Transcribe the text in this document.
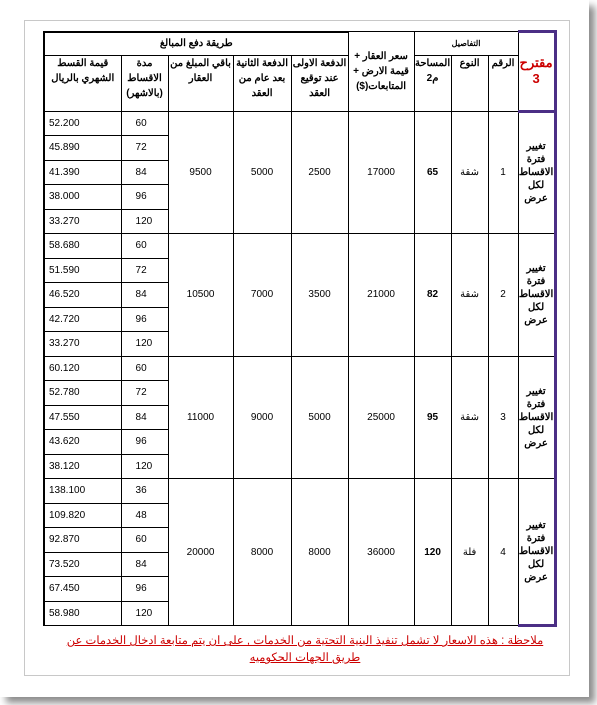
مقترح 3	التفاصيل			سعر العقار + قيمة الارض + المتابعات($)	طريقة دفع المبالغ				
	الرقم	النوع	المساحة م2		الدفعة الاولى عند توقيع العقد	الدفعة الثانية بعد عام من العقد	باقي المبلغ من العقار	مدة الاقساط (بالاشهر)	قيمة القسط الشهري بالريال

تغيير فترة الاقساط لكل عرض	1	شقة	65	17000	2500	5000	9500	60	52.200
								72	45.890
								84	41.390
								96	38.000
								120	33.270

تغيير فترة الاقساط لكل عرض	2	شقة	82	21000	3500	7000	10500	60	58.680
								72	51.590
								84	46.520
								96	42.720
								120	33.270

تغيير فترة الاقساط لكل عرض	3	شقة	95	25000	5000	9000	11000	60	60.120
								72	52.780
								84	47.550
								96	43.620
								120	38.120

تغيير فترة الاقساط لكل عرض	4	فلة	120	36000	8000	8000	20000	36	138.100
								48	109.820
								60	92.870
								84	73.520
								96	67.450
								120	58.980
ملاحظة : هذه الاسعار لا تشمل تنفيذ البنية التحتية من الخدمات , على ان يتم متابعة ادخال الخدمات عن طريق الجهات الحكوميه
